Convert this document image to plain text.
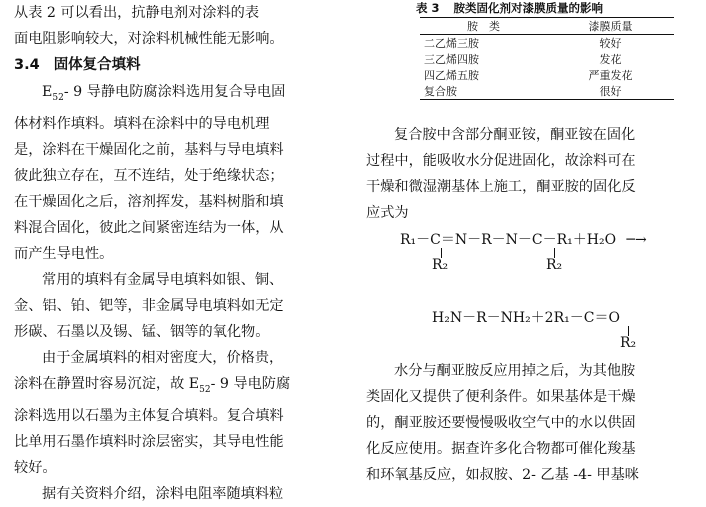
从表 2 可以看出，抗静电剂对涂料的表
面电阻影响较大，对涂料机械性能无影响。
3.4 固体复合填料
$E_{52}-$ 9 导静电防腐涂料选用复合导电固
体材料作填料。填料在涂料中的导电机理
是，涂料在干燥固化之前，基料与导电填料
彼此独立存在，互不连结，处于绝缘状态；
在干燥固化之后，溶剂挥发，基料树脂和填
料混合固化，彼此之间紧密连结为一体，从
而产生导电性。
常用的填料有金属导电填料如银、铜、
金、铝、铂、钯等，非金属导电填料如无定
形碳、石墨以及锡、锰、铟等的氧化物。
由于金属填料的相对密度大，价格贵，
涂料在静置时容易沉淀，故 $E_{52}-$ 9 导电防腐
涂料选用以石墨为主体复合填料。复合填料
比单用石墨作填料时涂层密实，其导电性能
较好。
据有关资料介绍，涂料电阻率随填料粒
表 3 胺类固化剂对漆膜质量的影响
胺　类	漆膜质量
二乙烯三胺	较好
三乙烯四胺	发花
四乙烯五胺	严重发花
复合胺	很好
复合胺中含部分酮亚铵，酮亚铵在固化
过程中，能吸收水分促进固化，故涂料可在
干燥和微湿潮基体上施工，酮亚胺的固化反
应式为
R₁－C＝N－R－N－C－R₁＋H₂O ─→
R₂	R₂
H₂N－R－NH₂＋2R₁－C＝O
R₂
水分与酮亚胺反应用掉之后，为其他胺
类固化又提供了便利条件。如果基体是干燥
的，酮亚胺还要慢慢吸收空气中的水以供固
化反应使用。据查许多化合物都可催化羧基
和环氧基反应，如叔胺、2- 乙基 -4- 甲基咪
